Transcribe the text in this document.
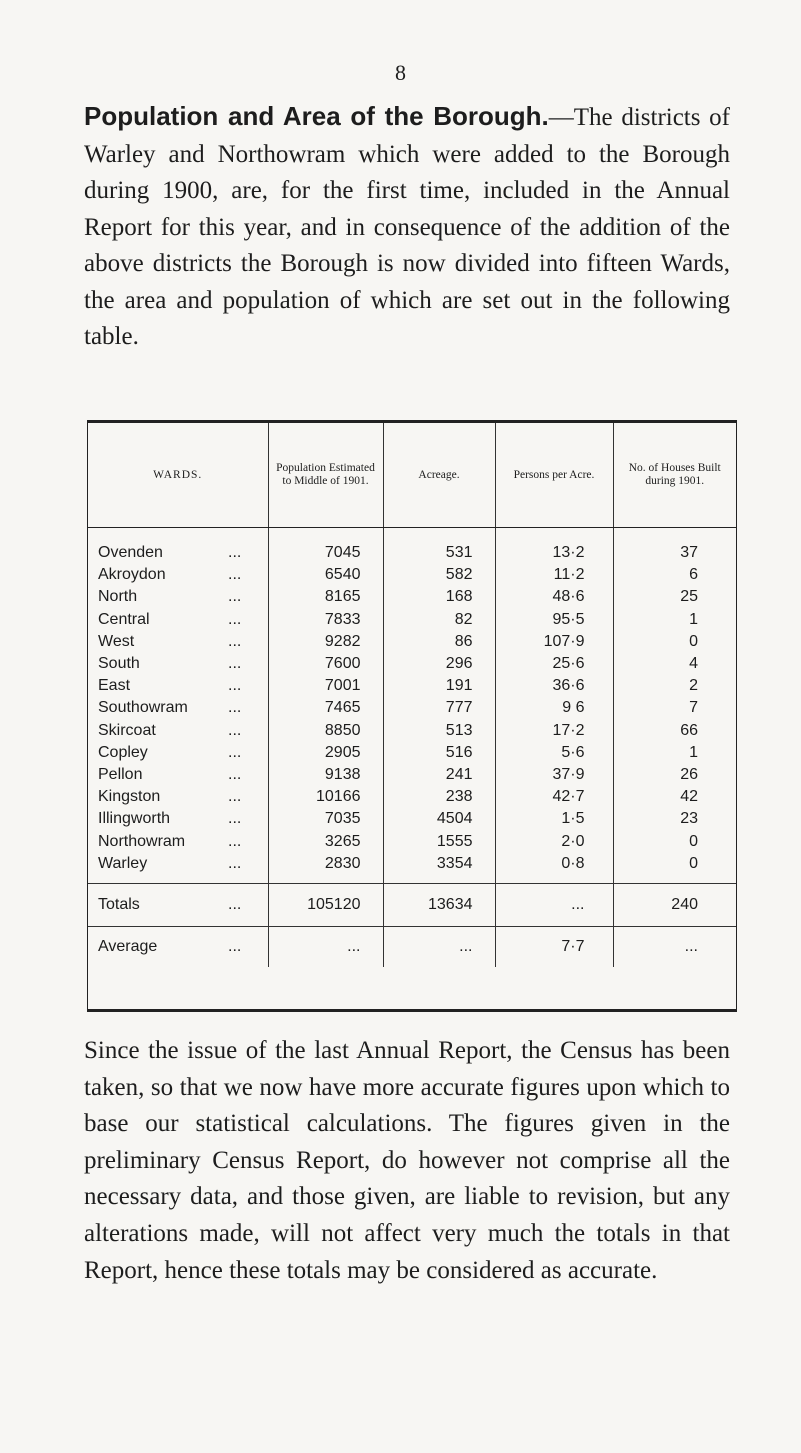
8

Population and Area of the Borough.—The districts of Warley and Northowram which were added to the Borough during 1900, are, for the first time, included in the Annual Report for this year, and in consequence of the addition of the above districts the Borough is now divided into fifteen Wards, the area and population of which are set out in the following table.

WARDS.	Population Estimated to Middle of 1901.	Acreage.	Persons per Acre.	No. of Houses Built during 1901.
Ovenden ...	7045	531	13·2	37
Akroydon ...	6540	582	11·2	6
North ...	8165	168	48·6	25
Central ...	7833	82	95·5	1
West ...	9282	86	107·9	0
South ...	7600	296	25·6	4
East ...	7001	191	36·6	2
Southowram ...	7465	777	9 6	7
Skircoat ...	8850	513	17·2	66
Copley ...	2905	516	5·6	1
Pellon ...	9138	241	37·9	26
Kingston ...	10166	238	42·7	42
Illingworth ...	7035	4504	1·5	23
Northowram ...	3265	1555	2·0	0
Warley ...	2830	3354	0·8	0
Totals ...	105120	13634	...	240
Average ...	...	...	7·7	...

Since the issue of the last Annual Report, the Census has been taken, so that we now have more accurate figures upon which to base our statistical calculations. The figures given in the preliminary Census Report, do however not comprise all the necessary data, and those given, are liable to revision, but any alterations made, will not affect very much the totals in that Report, hence these totals may be considered as accurate.
